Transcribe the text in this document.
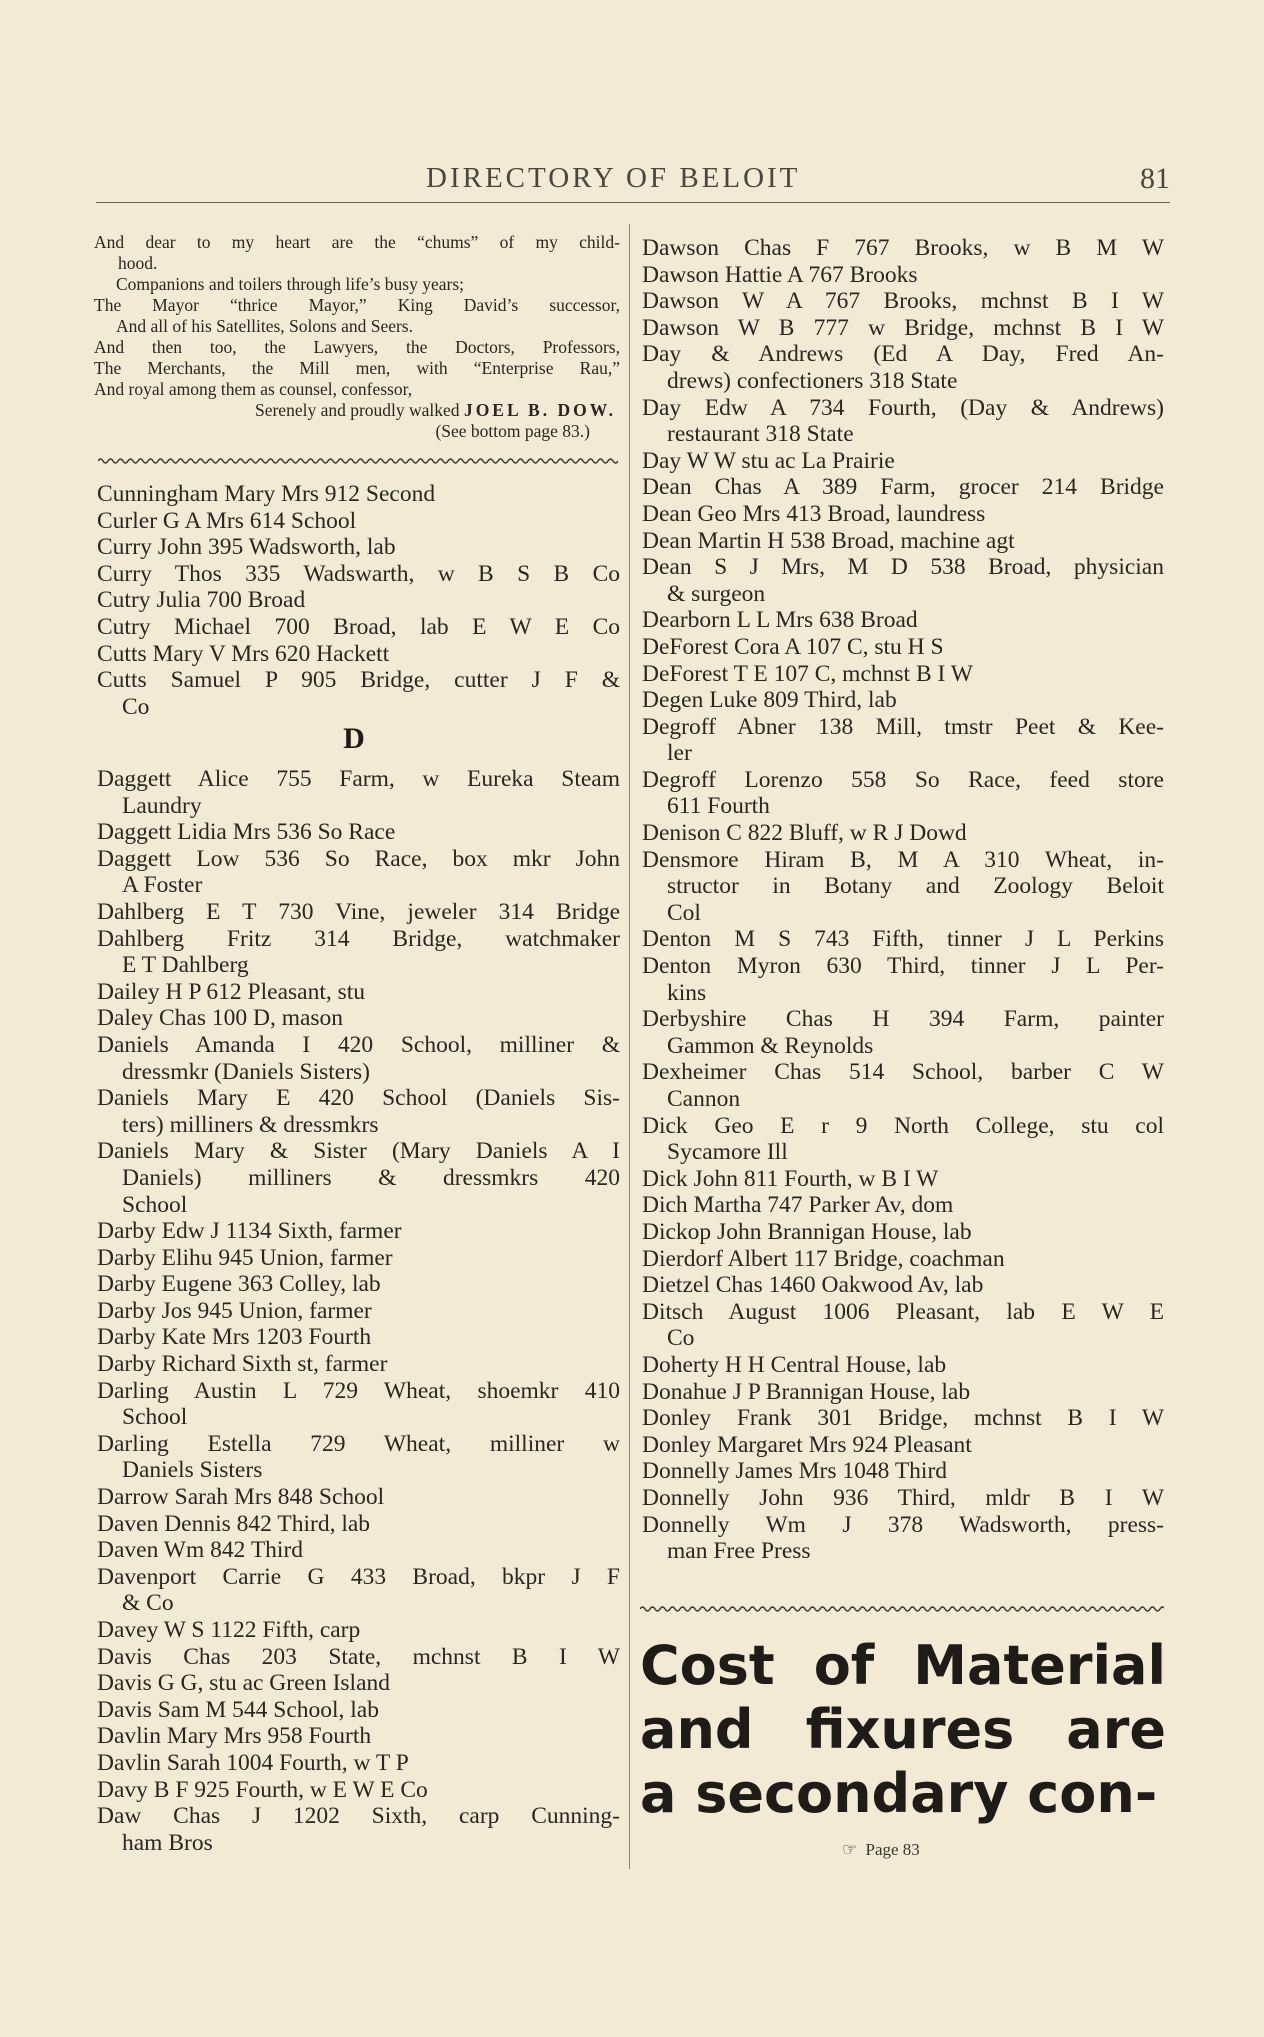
DIRECTORY OF BELOIT	81
And dear to my heart are the “chums” of my child-
hood.
Companions and toilers through life’s busy years;
The Mayor “thrice Mayor,” King David’s successor,
And all of his Satellites, Solons and Seers.
And then too, the Lawyers, the Doctors, Professors,
The Merchants, the Mill men, with “Enterprise Rau,”
And royal among them as counsel, confessor,
Serenely and proudly walked JOEL B. DOW.
(See bottom page 83.)
Cunningham Mary Mrs 912 Second
Curler G A Mrs 614 School
Curry John 395 Wadsworth, lab
Curry Thos 335 Wadswarth, w B S B Co
Cutry Julia 700 Broad
Cutry Michael 700 Broad, lab E W E Co
Cutts Mary V Mrs 620 Hackett
Cutts Samuel P 905 Bridge, cutter J F &
Co
D
Daggett Alice 755 Farm, w Eureka Steam
Laundry
Daggett Lidia Mrs 536 So Race
Daggett Low 536 So Race, box mkr John
A Foster
Dahlberg E T 730 Vine, jeweler 314 Bridge
Dahlberg Fritz 314 Bridge, watchmaker
E T Dahlberg
Dailey H P 612 Pleasant, stu
Daley Chas 100 D, mason
Daniels Amanda I 420 School, milliner &
dressmkr (Daniels Sisters)
Daniels Mary E 420 School (Daniels Sis-
ters) milliners & dressmkrs
Daniels Mary & Sister (Mary Daniels A I
Daniels) milliners & dressmkrs 420
School
Darby Edw J 1134 Sixth, farmer
Darby Elihu 945 Union, farmer
Darby Eugene 363 Colley, lab
Darby Jos 945 Union, farmer
Darby Kate Mrs 1203 Fourth
Darby Richard Sixth st, farmer
Darling Austin L 729 Wheat, shoemkr 410
School
Darling Estella 729 Wheat, milliner w
Daniels Sisters
Darrow Sarah Mrs 848 School
Daven Dennis 842 Third, lab
Daven Wm 842 Third
Davenport Carrie G 433 Broad, bkpr J F
& Co
Davey W S 1122 Fifth, carp
Davis Chas 203 State, mchnst B I W
Davis G G, stu ac Green Island
Davis Sam M 544 School, lab
Davlin Mary Mrs 958 Fourth
Davlin Sarah 1004 Fourth, w T P
Davy B F 925 Fourth, w E W E Co
Daw Chas J 1202 Sixth, carp Cunning-
ham Bros
Dawson Chas F 767 Brooks, w B M W
Dawson Hattie A 767 Brooks
Dawson W A 767 Brooks, mchnst B I W
Dawson W B 777 w Bridge, mchnst B I W
Day & Andrews (Ed A Day, Fred An-
drews) confectioners 318 State
Day Edw A 734 Fourth, (Day & Andrews)
restaurant 318 State
Day W W stu ac La Prairie
Dean Chas A 389 Farm, grocer 214 Bridge
Dean Geo Mrs 413 Broad, laundress
Dean Martin H 538 Broad, machine agt
Dean S J Mrs, M D 538 Broad, physician
& surgeon
Dearborn L L Mrs 638 Broad
DeForest Cora A 107 C, stu H S
DeForest T E 107 C, mchnst B I W
Degen Luke 809 Third, lab
Degroff Abner 138 Mill, tmstr Peet & Kee-
ler
Degroff Lorenzo 558 So Race, feed store
611 Fourth
Denison C 822 Bluff, w R J Dowd
Densmore Hiram B, M A 310 Wheat, in-
structor in Botany and Zoology Beloit
Col
Denton M S 743 Fifth, tinner J L Perkins
Denton Myron 630 Third, tinner J L Per-
kins
Derbyshire Chas H 394 Farm, painter
Gammon & Reynolds
Dexheimer Chas 514 School, barber C W
Cannon
Dick Geo E r 9 North College, stu col
Sycamore Ill
Dick John 811 Fourth, w B I W
Dich Martha 747 Parker Av, dom
Dickop John Brannigan House, lab
Dierdorf Albert 117 Bridge, coachman
Dietzel Chas 1460 Oakwood Av, lab
Ditsch August 1006 Pleasant, lab E W E
Co
Doherty H H Central House, lab
Donahue J P Brannigan House, lab
Donley Frank 301 Bridge, mchnst B I W
Donley Margaret Mrs 924 Pleasant
Donnelly James Mrs 1048 Third
Donnelly John 936 Third, mldr B I W
Donnelly Wm J 378 Wadsworth, press-
man Free Press
Cost of Material
and fixures are
a secondary con-
☞ Page 83
